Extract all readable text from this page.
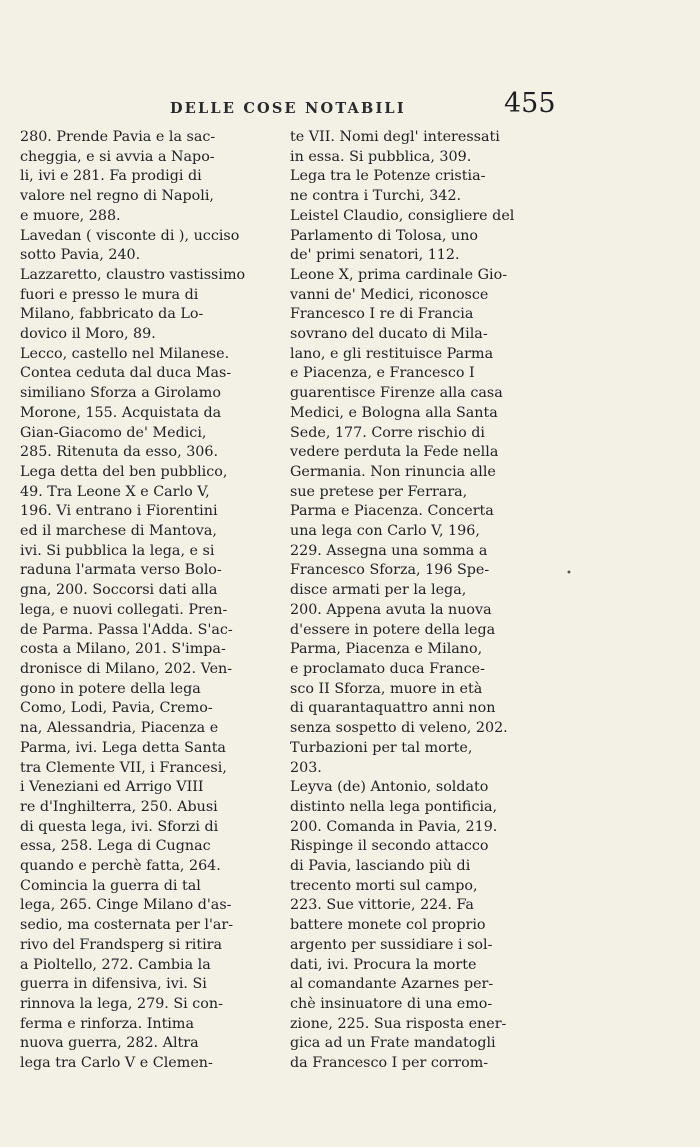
DELLE COSE NOTABILI	455

280. Prende Pavia e la sac-
cheggia, e si avvia a Napo-
li, ivi e 281. Fa prodigi di
valore nel regno di Napoli,
e muore, 288.

Lavedan ( visconte di ), ucciso
sotto Pavia, 240.

Lazzaretto, claustro vastissimo
fuori e presso le mura di
Milano, fabbricato da Lo-
dovico il Moro, 89.

Lecco, castello nel Milanese.
Contea ceduta dal duca Mas-
similiano Sforza a Girolamo
Morone, 155. Acquistata da
Gian-Giacomo de' Medici,
285. Ritenuta da esso, 306.

Lega detta del ben pubblico,
49. Tra Leone X e Carlo V,
196. Vi entrano i Fiorentini
ed il marchese di Mantova,
ivi. Si pubblica la lega, e si
raduna l'armata verso Bolo-
gna, 200. Soccorsi dati alla
lega, e nuovi collegati. Pren-
de Parma. Passa l'Adda. S'ac-
costa a Milano, 201. S'impa-
dronisce di Milano, 202. Ven-
gono in potere della lega
Como, Lodi, Pavia, Cremo-
na, Alessandria, Piacenza e
Parma, ivi. Lega detta Santa
tra Clemente VII, i Francesi,
i Veneziani ed Arrigo VIII
re d'Inghilterra, 250. Abusi
di questa lega, ivi. Sforzi di
essa, 258. Lega di Cugnac
quando e perchè fatta, 264.
Comincia la guerra di tal
lega, 265. Cinge Milano d'as-
sedio, ma costernata per l'ar-
rivo del Frandsperg si ritira
a Pioltello, 272. Cambia la
guerra in difensiva, ivi. Si
rinnova la lega, 279. Si con-
ferma e rinforza. Intima
nuova guerra, 282. Altra
lega tra Carlo V e Clemen-

te VII. Nomi degl' interessati
in essa. Si pubblica, 309.
Lega tra le Potenze cristia-
ne contra i Turchi, 342.

Leistel Claudio, consigliere del
Parlamento di Tolosa, uno
de' primi senatori, 112.

Leone X, prima cardinale Gio-
vanni de' Medici, riconosce
Francesco I re di Francia
sovrano del ducato di Mila-
lano, e gli restituisce Parma
e Piacenza, e Francesco I
guarentisce Firenze alla casa
Medici, e Bologna alla Santa
Sede, 177. Corre rischio di
vedere perduta la Fede nella
Germania. Non rinuncia alle
sue pretese per Ferrara,
Parma e Piacenza. Concerta
una lega con Carlo V, 196,
229. Assegna una somma a
Francesco Sforza, 196 Spe-
disce armati per la lega,
200. Appena avuta la nuova
d'essere in potere della lega
Parma, Piacenza e Milano,
e proclamato duca France-
sco II Sforza, muore in età
di quarantaquattro anni non
senza sospetto di veleno, 202.
Turbazioni per tal morte,
203.

Leyva (de) Antonio, soldato
distinto nella lega pontificia,
200. Comanda in Pavia, 219.
Rispinge il secondo attacco
di Pavia, lasciando più di
trecento morti sul campo,
223. Sue vittorie, 224. Fa
battere monete col proprio
argento per sussidiare i sol-
dati, ivi. Procura la morte
al comandante Azarnes per-
chè insinuatore di una emo-
zione, 225. Sua risposta ener-
gica ad un Frate mandatogli
da Francesco I per corrom-

•
